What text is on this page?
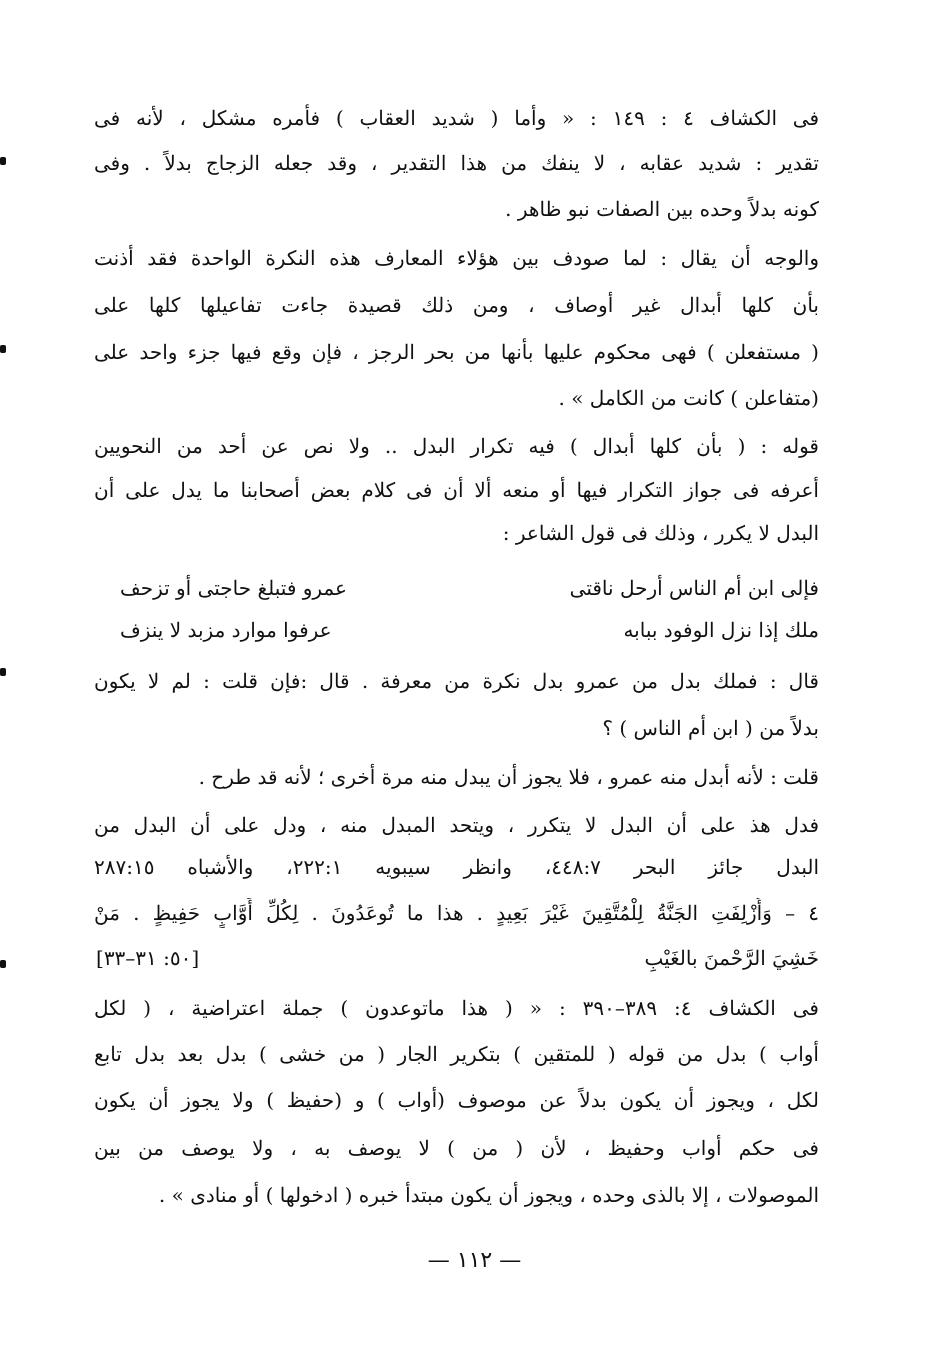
فى الكشاف ٤ : ١٤٩ : « وأما ( شديد العقاب ) فأمره مشكل ، لأنه فى
تقدير : شديد عقابه ، لا ينفك من هذا التقدير ، وقد جعله الزجاج بدلاً . وفى
كونه بدلاً وحده بين الصفات نبو ظاهر .
والوجه أن يقال : لما صودف بين هؤلاء المعارف هذه النكرة الواحدة فقد أذنت
بأن كلها أبدال غير أوصاف ، ومن ذلك قصيدة جاءت تفاعيلها كلها على
( مستفعلن ) فهى محكوم عليها بأنها من بحر الرجز ، فإن وقع فيها جزء واحد على
(متفاعلن ) كانت من الكامل » .
قوله : ( بأن كلها أبدال ) فيه تكرار البدل .. ولا نص عن أحد من النحويين
أعرفه فى جواز التكرار فيها أو منعه ألا أن فى كلام بعض أصحابنا ما يدل على أن
البدل لا يكرر ، وذلك فى قول الشاعر :
فإلى ابن أم الناس أرحل ناقتى
عمرو فتبلغ حاجتى أو تزحف
ملك إذا نزل الوفود ببابه
عرفوا موارد مزبد لا ينزف
قال : فملك بدل من عمرو بدل نكرة من معرفة . قال :فإن قلت : لم لا يكون
بدلاً من ( ابن أم الناس ) ؟
قلت : لأنه أبدل منه عمرو ، فلا يجوز أن يبدل منه مرة أخرى ؛ لأنه قد طرح .
فدل هذ على أن البدل لا يتكرر ، ويتحد المبدل منه ، ودل على أن البدل من
البدل جائز البحر ٤٤٨:٧، وانظر سيبويه ٢٢٢:١، والأشباه ٢٨٧:١٥
٤ – وَأُزْلِفَتِ الجَنَّةُ لِلْمُتَّقِينَ غَيْرَ بَعِيدٍ . هذا ما تُوعَدُونَ . لِكُلِّ أَوَّابٍ حَفِيظٍ . مَنْ
خَشِيَ الرَّحْمنَ بالغَيْبِ
[٥٠: ٣١–٣٣]
فى الكشاف ٤: ٣٨٩–٣٩٠ : « ( هذا ماتوعدون ) جملة اعتراضية ، ( لكل
أواب ) بدل من قوله ( للمتقين ) بتكرير الجار ( من خشى ) بدل بعد بدل تابع
لكل ، ويجوز أن يكون بدلاً عن موصوف (أواب ) و (حفيظ ) ولا يجوز أن يكون
فى حكم أواب وحفيظ ، لأن ( من ) لا يوصف به ، ولا يوصف من بين
الموصولات ، إلا بالذى وحده ، ويجوز أن يكون مبتدأ خبره ( ادخولها ) أو منادى » .
— ١١٢ —
